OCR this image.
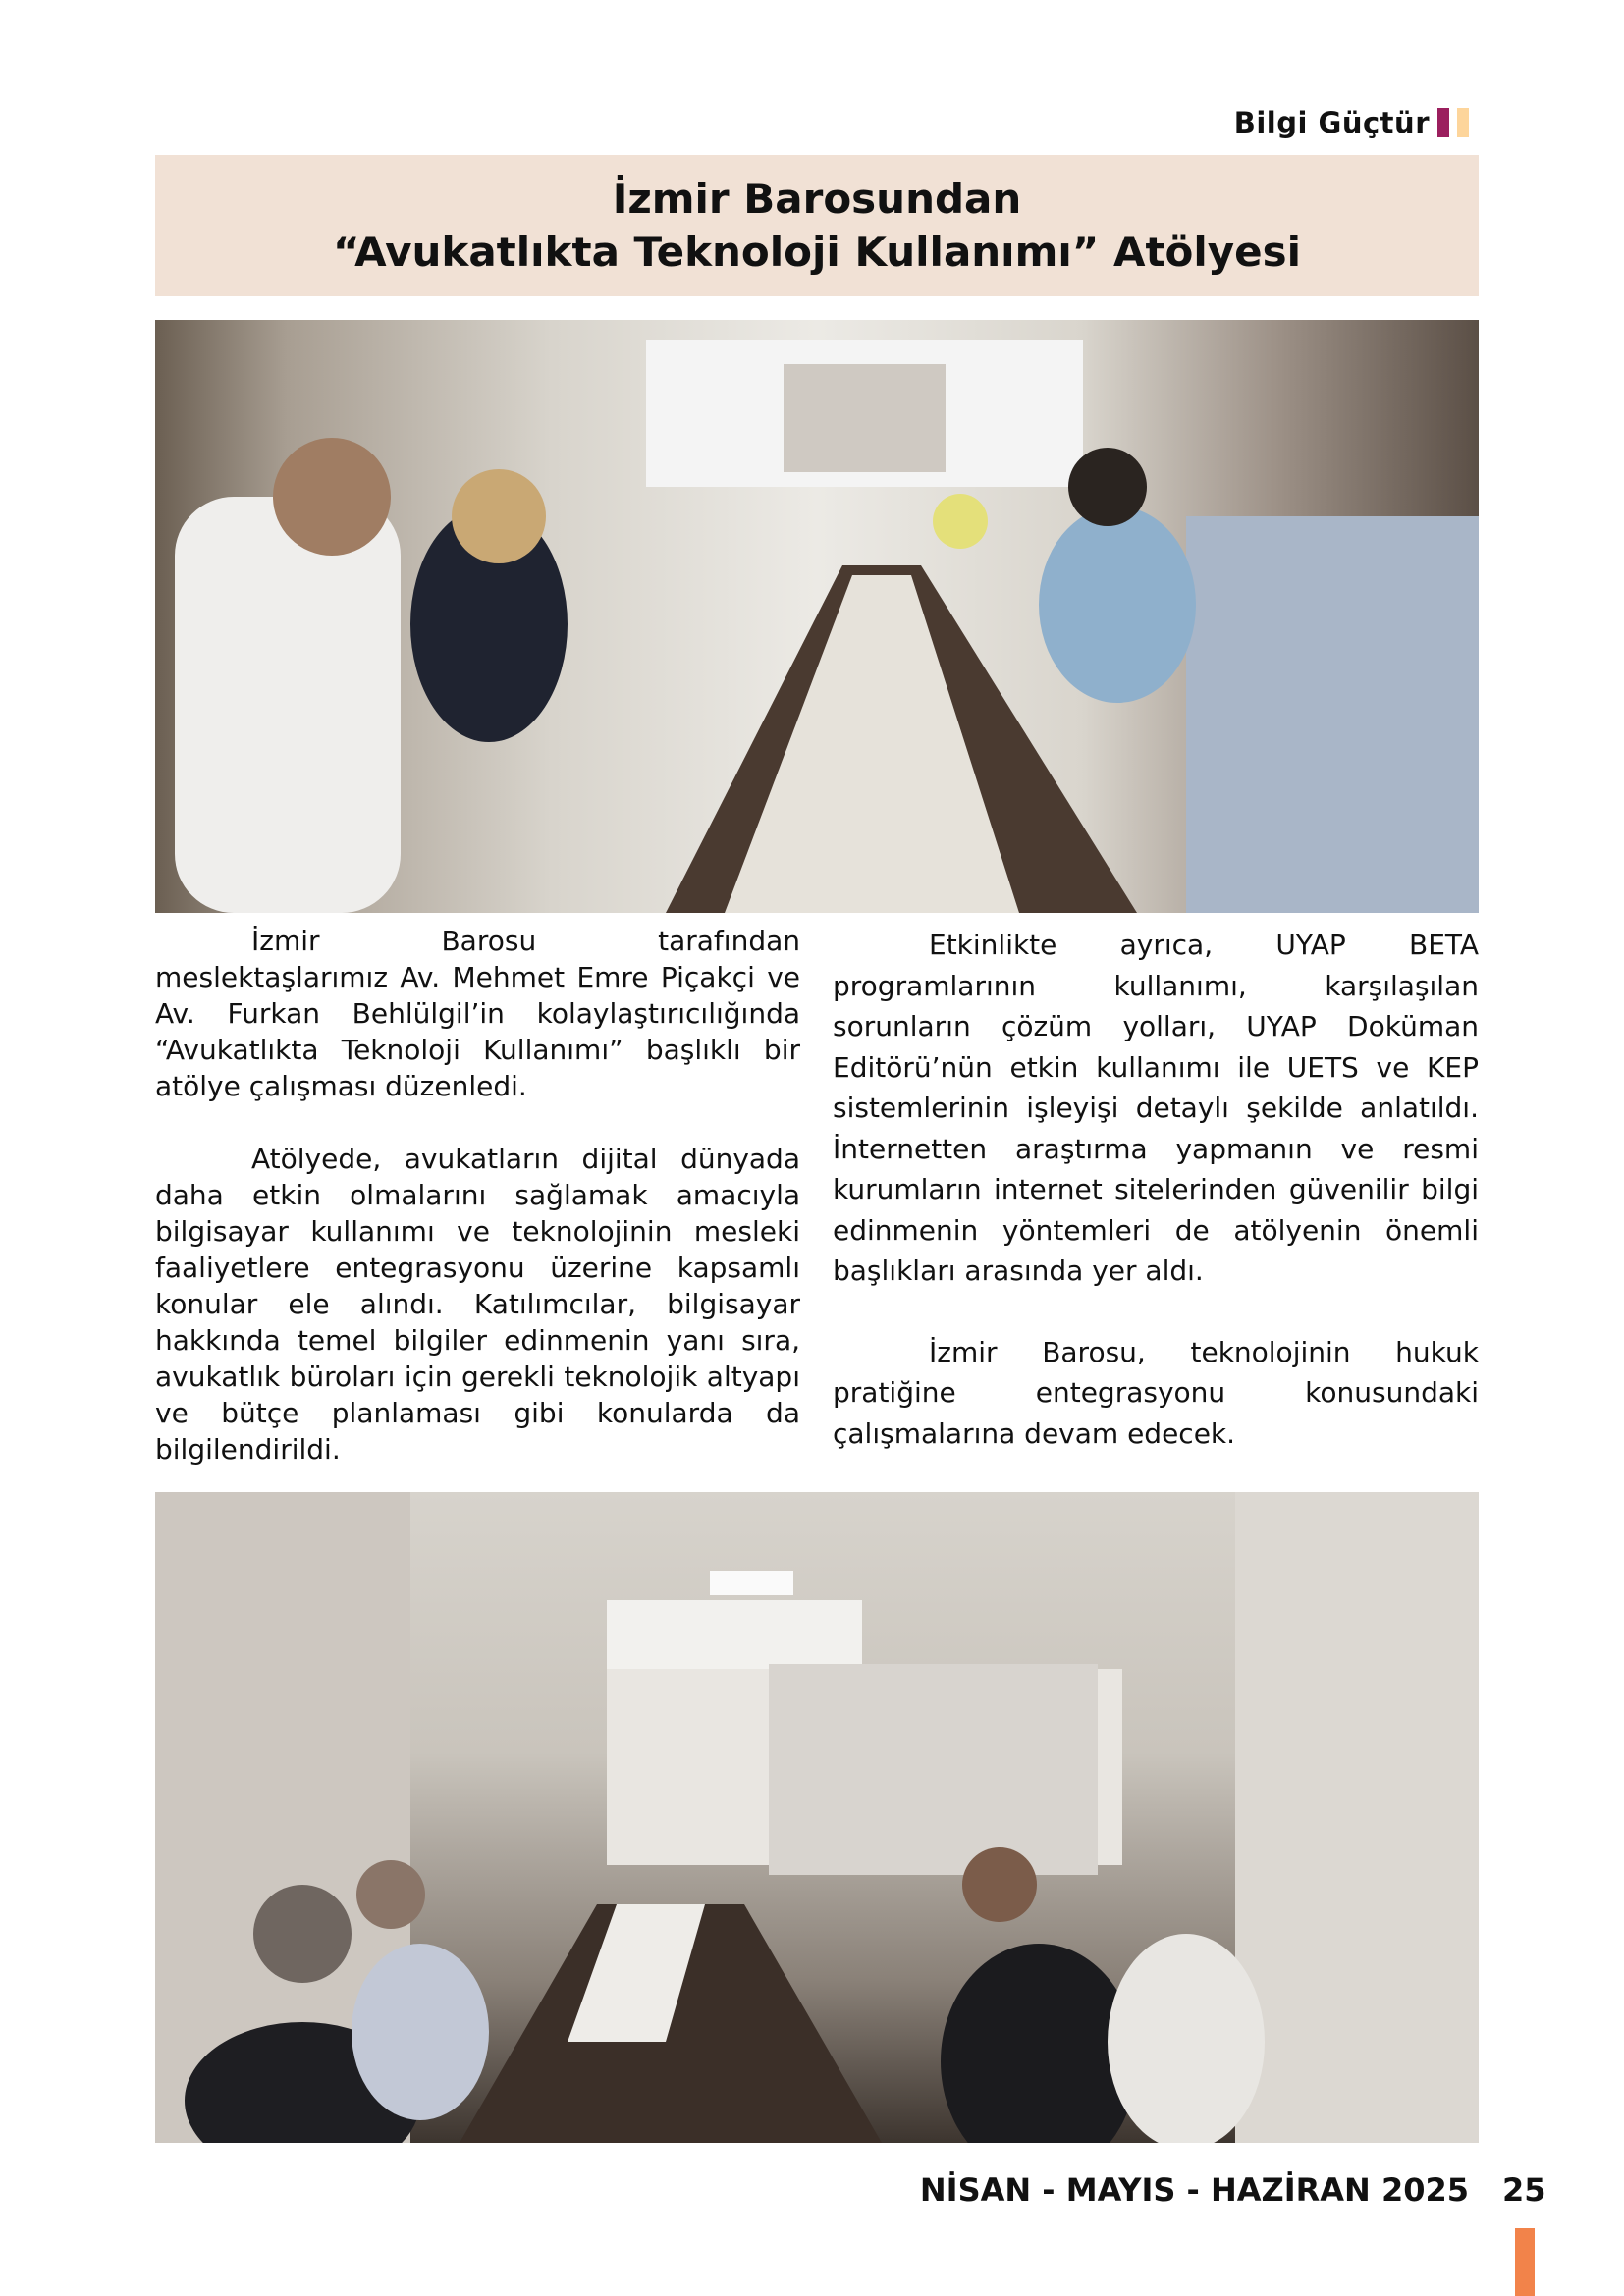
Bilgi Güçtür
İzmir Barosundan
“Avukatlıkta Teknoloji Kullanımı” Atölyesi

İzmir Barosu tarafından meslektaşlarımız Av. Mehmet Emre Piçakçi ve Av. Furkan Behlülgil’in kolaylaştırıcılığında “Avukatlıkta Teknoloji Kullanımı” başlıklı bir atölye çalışması düzenledi.

Atölyede, avukatların dijital dünyada daha etkin olmalarını sağlamak amacıyla bilgisayar kullanımı ve teknolojinin mesleki faaliyetlere entegrasyonu üzerine kapsamlı konular ele alındı. Katılımcılar, bilgisayar hakkında temel bilgiler edinmenin yanı sıra, avukatlık büroları için gerekli teknolojik altyapı ve bütçe planlaması gibi konularda da bilgilendirildi.

Etkinlikte ayrıca, UYAP BETA programlarının kullanımı, karşılaşılan sorunların çözüm yolları, UYAP Doküman Editörü’nün etkin kullanımı ile UETS ve KEP sistemlerinin işleyişi detaylı şekilde anlatıldı. İnternetten araştırma yapmanın ve resmi kurumların internet sitelerinden güvenilir bilgi edinmenin yöntemleri de atölyenin önemli başlıkları arasında yer aldı.

İzmir Barosu, teknolojinin hukuk pratiğine entegrasyonu konusundaki çalışmalarına devam edecek.

NİSAN - MAYIS - HAZİRAN 2025 25
